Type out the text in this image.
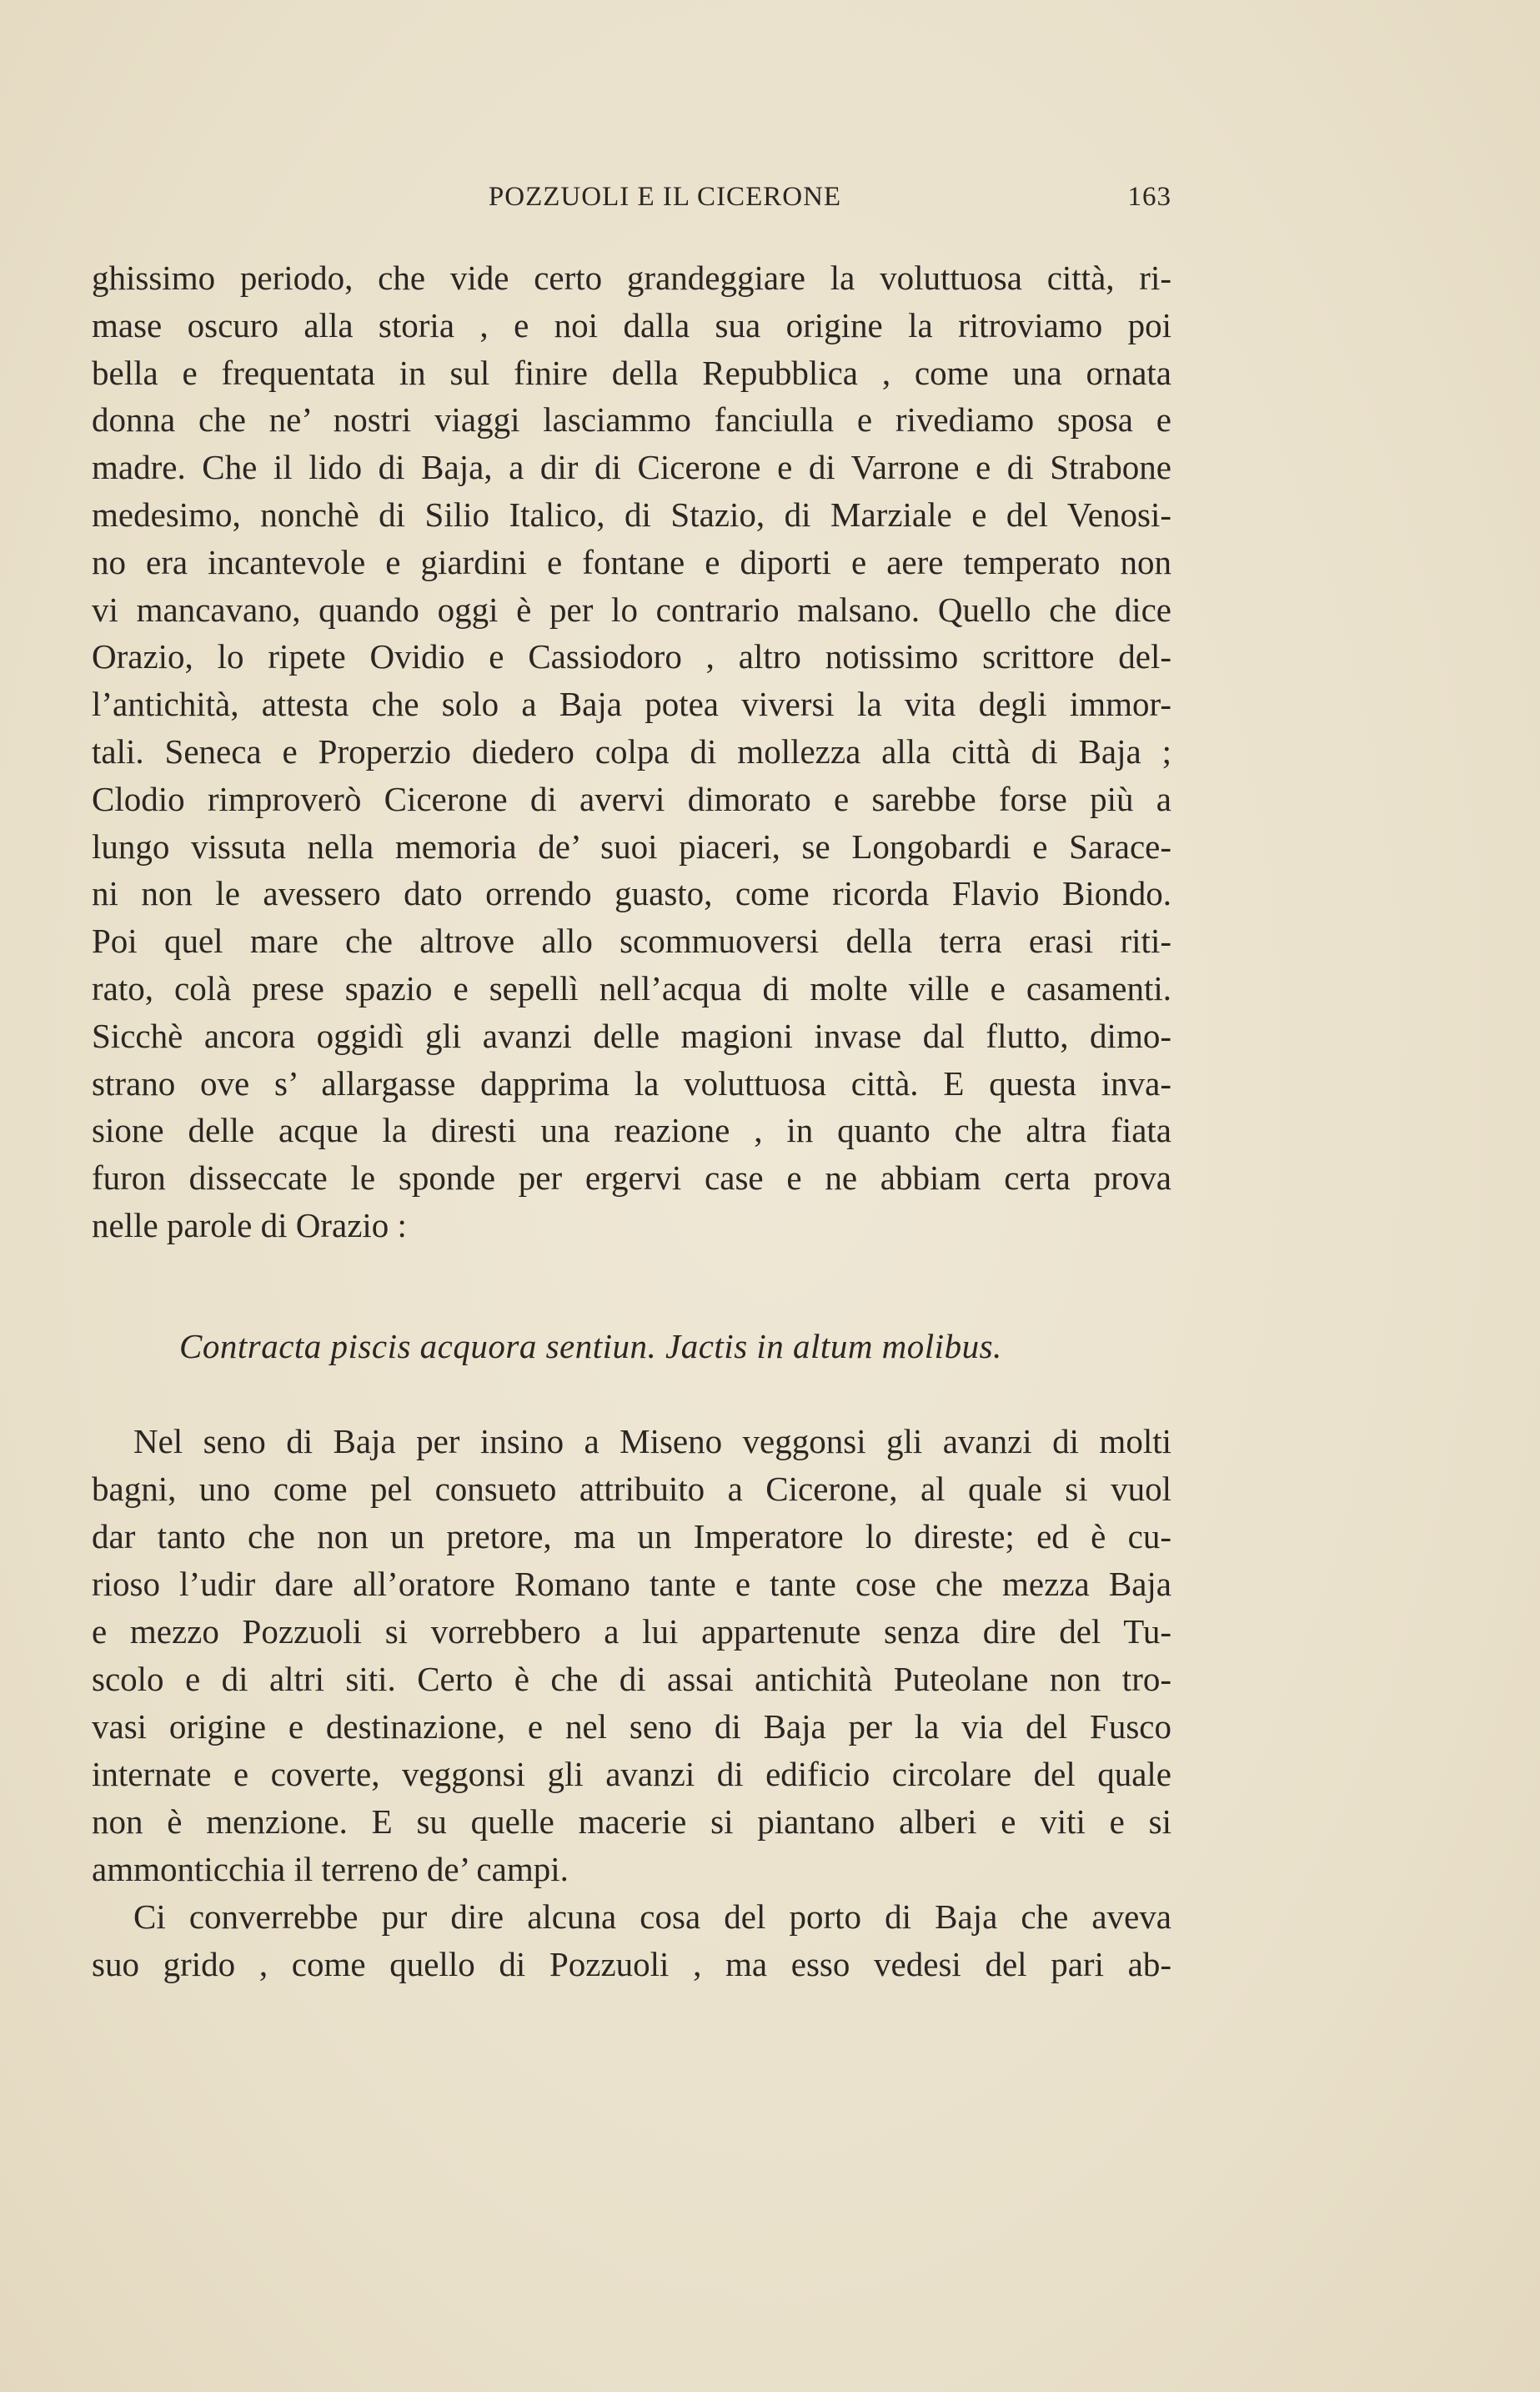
POZZUOLI E IL CICERONE	163
ghissimo periodo, che vide certo grandeggiare la voluttuosa città, ri-
mase oscuro alla storia , e noi dalla sua origine la ritroviamo poi
bella e frequentata in sul finire della Repubblica , come una ornata
donna che ne’ nostri viaggi lasciammo fanciulla e rivediamo sposa e
madre. Che il lido di Baja, a dir di Cicerone e di Varrone e di Strabone
medesimo, nonchè di Silio Italico, di Stazio, di Marziale e del Venosi-
no era incantevole e giardini e fontane e diporti e aere temperato non
vi mancavano, quando oggi è per lo contrario malsano. Quello che dice
Orazio, lo ripete Ovidio e Cassiodoro , altro notissimo scrittore del-
l’antichità, attesta che solo a Baja potea viversi la vita degli immor-
tali. Seneca e Properzio diedero colpa di mollezza alla città di Baja ;
Clodio rimproverò Cicerone di avervi dimorato e sarebbe forse più a
lungo vissuta nella memoria de’ suoi piaceri, se Longobardi e Sarace-
ni non le avessero dato orrendo guasto, come ricorda Flavio Biondo.
Poi quel mare che altrove allo scommuoversi della terra erasi riti-
rato, colà prese spazio e sepellì nell’acqua di molte ville e casamenti.
Sicchè ancora oggidì gli avanzi delle magioni invase dal flutto, dimo-
strano ove s’ allargasse dapprima la voluttuosa città. E questa inva-
sione delle acque la diresti una reazione , in quanto che altra fiata
furon disseccate le sponde per ergervi case e ne abbiam certa prova
nelle parole di Orazio :
Contracta piscis acquora sentiun. Jactis in altum molibus.
Nel seno di Baja per insino a Miseno veggonsi gli avanzi di molti
bagni, uno come pel consueto attribuito a Cicerone, al quale si vuol
dar tanto che non un pretore, ma un Imperatore lo direste; ed è cu-
rioso l’udir dare all’oratore Romano tante e tante cose che mezza Baja
e mezzo Pozzuoli si vorrebbero a lui appartenute senza dire del Tu-
scolo e di altri siti. Certo è che di assai antichità Puteolane non tro-
vasi origine e destinazione, e nel seno di Baja per la via del Fusco
internate e coverte, veggonsi gli avanzi di edificio circolare del quale
non è menzione. E su quelle macerie si piantano alberi e viti e si
ammonticchia il terreno de’ campi.
Ci converrebbe pur dire alcuna cosa del porto di Baja che aveva
suo grido , come quello di Pozzuoli , ma esso vedesi del pari ab-
